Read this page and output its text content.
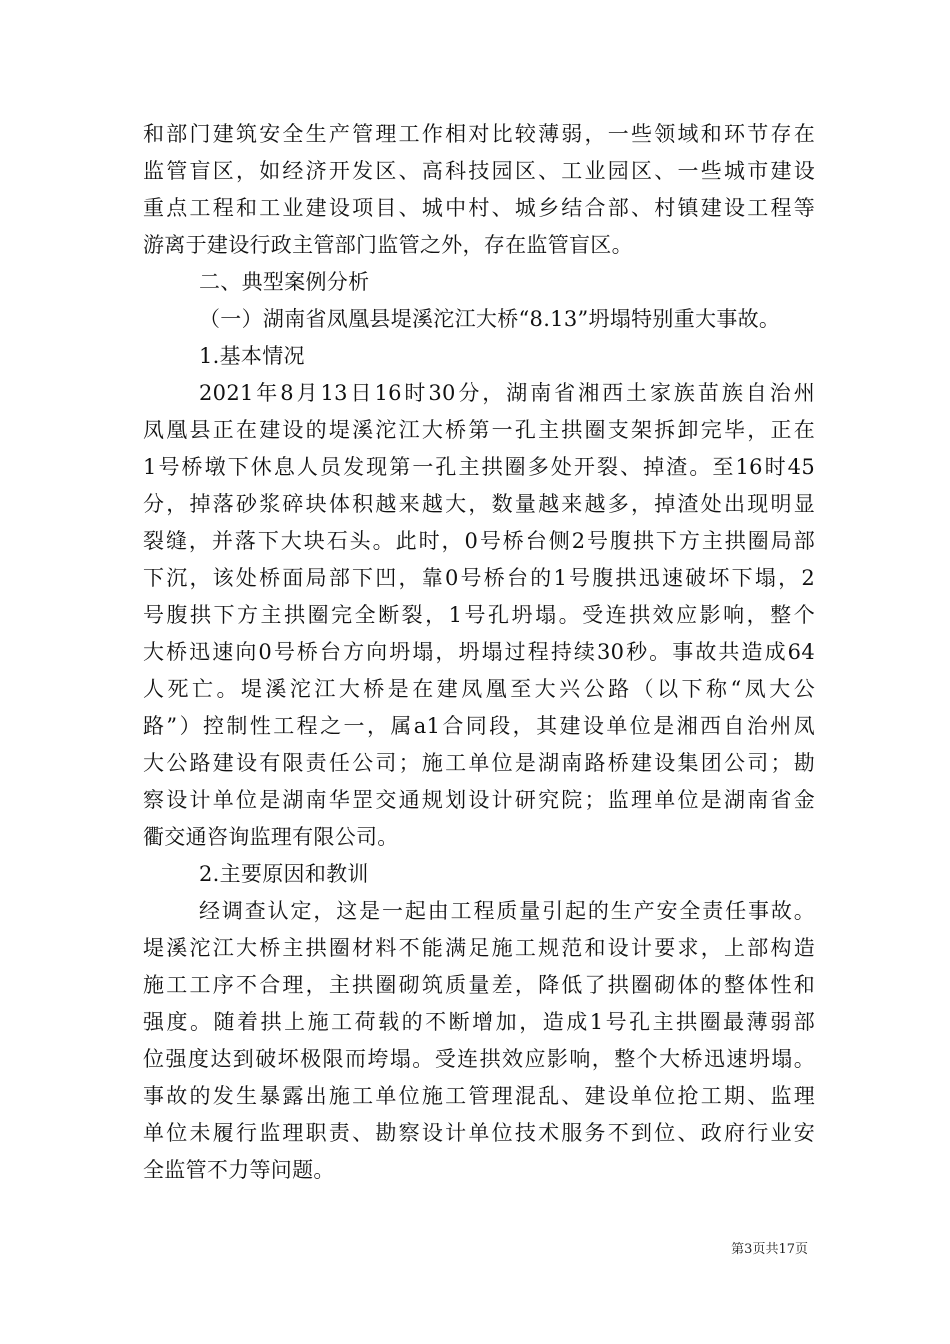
和部门建筑安全生产管理工作相对比较薄弱，一些领域和环节存在
监管盲区，如经济开发区、高科技园区、工业园区、一些城市建设
重点工程和工业建设项目、城中村、城乡结合部、村镇建设工程等
游离于建设行政主管部门监管之外，存在监管盲区。
二、典型案例分析
（一）湖南省凤凰县堤溪沱江大桥“8.13”坍塌特别重大事故。
1.基本情况
2021年8月13日16时30分，湖南省湘西土家族苗族自治州
凤凰县正在建设的堤溪沱江大桥第一孔主拱圈支架拆卸完毕，正在
1号桥墩下休息人员发现第一孔主拱圈多处开裂、掉渣。至16时45
分，掉落砂浆碎块体积越来越大，数量越来越多，掉渣处出现明显
裂缝，并落下大块石头。此时，0号桥台侧2号腹拱下方主拱圈局部
下沉，该处桥面局部下凹，靠0号桥台的1号腹拱迅速破坏下塌，2
号腹拱下方主拱圈完全断裂，1号孔坍塌。受连拱效应影响，整个
大桥迅速向0号桥台方向坍塌，坍塌过程持续30秒。事故共造成64
人死亡。堤溪沱江大桥是在建凤凰至大兴公路（以下称“凤大公
路”）控制性工程之一，属a1合同段，其建设单位是湘西自治州凤
大公路建设有限责任公司；施工单位是湖南路桥建设集团公司；勘
察设计单位是湖南华罡交通规划设计研究院；监理单位是湖南省金
衢交通咨询监理有限公司。
2.主要原因和教训
经调查认定，这是一起由工程质量引起的生产安全责任事故。
堤溪沱江大桥主拱圈材料不能满足施工规范和设计要求，上部构造
施工工序不合理，主拱圈砌筑质量差，降低了拱圈砌体的整体性和
强度。随着拱上施工荷载的不断增加，造成1号孔主拱圈最薄弱部
位强度达到破坏极限而垮塌。受连拱效应影响，整个大桥迅速坍塌。
事故的发生暴露出施工单位施工管理混乱、建设单位抢工期、监理
单位未履行监理职责、勘察设计单位技术服务不到位、政府行业安
全监管不力等问题。
第3页共17页
